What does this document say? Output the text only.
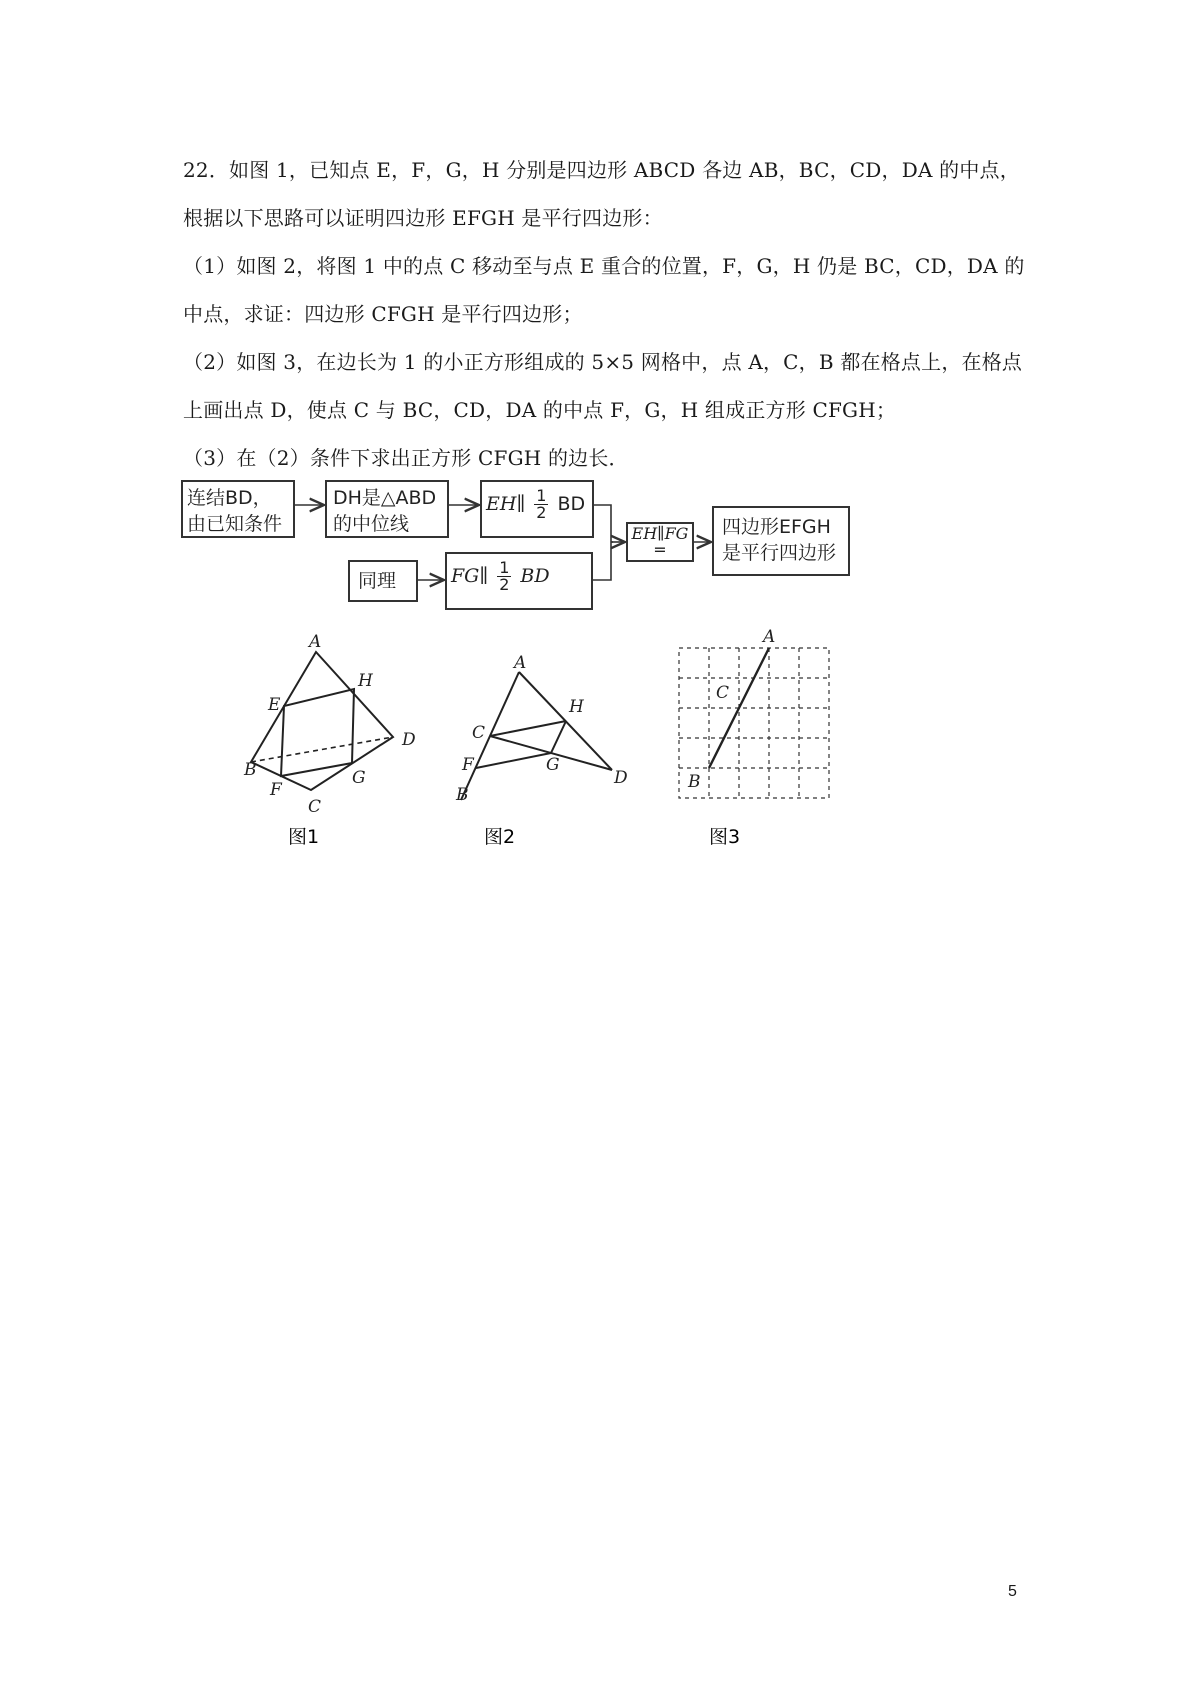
22．如图 1，已知点 E，F，G，H 分别是四边形 ABCD 各边 AB，BC，CD，DA 的中点，
根据以下思路可以证明四边形 EFGH 是平行四边形：
（1）如图 2，将图 1 中的点 C 移动至与点 E 重合的位置，F，G，H 仍是 BC，CD，DA 的
中点，求证：四边形 CFGH 是平行四边形；
（2）如图 3，在边长为 1 的小正方形组成的 5×5 网格中，点 A，C，B 都在格点上，在格点
上画出点 D，使点 C 与 BC，CD，DA 的中点 F，G，H 组成正方形 CFGH；
（3）在（2）条件下求出正方形 CFGH 的边长．
连结BD，
由已知条件
DH是△ABD
的中位线
EH∥ $\frac{1}{2}$ BD
同理	FG∥ $\frac{1}{2}$ BD
EH∥FG
=
四边形EFGH
是平行四边形
A
B
C
D
E
F
G
H
图1
A
B
C
D
F	G
H
图2
A
B
C
图3
5
